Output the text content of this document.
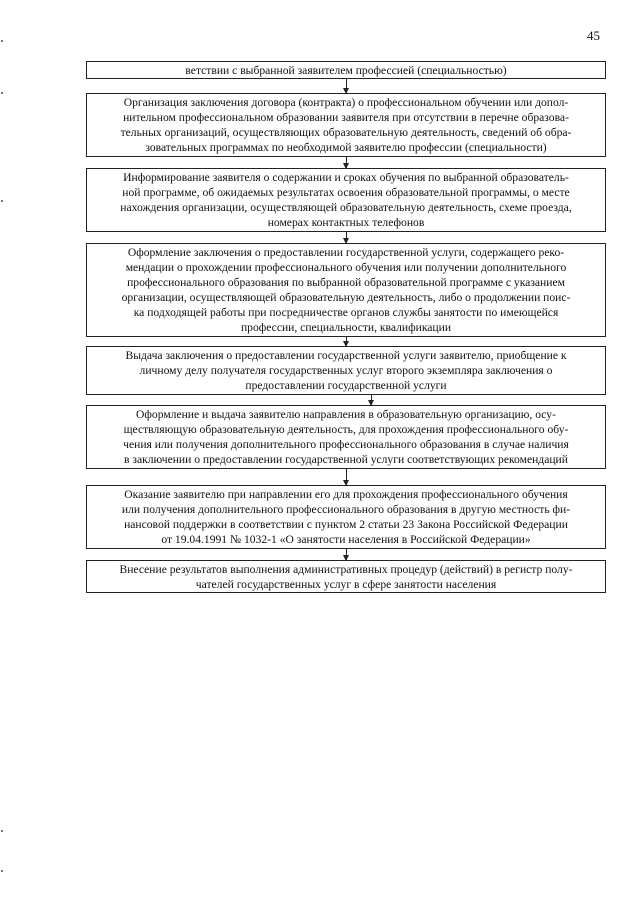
45
ветствии с выбранной заявителем профессией (специальностью)
Организация заключения договора (контракта) о профессиональном обучении или допол-
нительном профессиональном образовании заявителя при отсутствии в перечне образова-
тельных организаций, осуществляющих образовательную деятельность, сведений об обра-
зовательных программах по необходимой заявителю профессии (специальности)
Информирование заявителя о содержании и сроках обучения по выбранной образователь-
ной программе, об ожидаемых результатах освоения образовательной программы, о месте
нахождения организации, осуществляющей образовательную деятельность, схеме проезда,
номерах контактных телефонов
Оформление заключения о предоставлении государственной услуги, содержащего реко-
мендации о прохождении профессионального обучения или получении дополнительного
профессионального образования по выбранной образовательной программе с указанием
организации, осуществляющей образовательную деятельность, либо о продолжении поис-
ка подходящей работы при посредничестве органов службы занятости по имеющейся
профессии, специальности, квалификации
Выдача заключения о предоставлении государственной услуги заявителю, приобщение к
личному делу получателя государственных услуг второго экземпляра заключения о
предоставлении государственной услуги
Оформление и выдача заявителю направления в образовательную организацию, осу-
ществляющую образовательную деятельность, для прохождения профессионального обу-
чения или получения дополнительного профессионального образования в случае наличия
в заключении о предоставлении государственной услуги соответствующих рекомендаций
Оказание заявителю при направлении его для прохождения профессионального обучения
или получения дополнительного профессионального образования в другую местность фи-
нансовой поддержки в соответствии с пунктом 2 статьи 23 Закона Российской Федерации
от 19.04.1991 № 1032-1 «О занятости населения в Российской Федерации»
Внесение результатов выполнения административных процедур (действий) в регистр полу-
чателей государственных услуг в сфере занятости населения
